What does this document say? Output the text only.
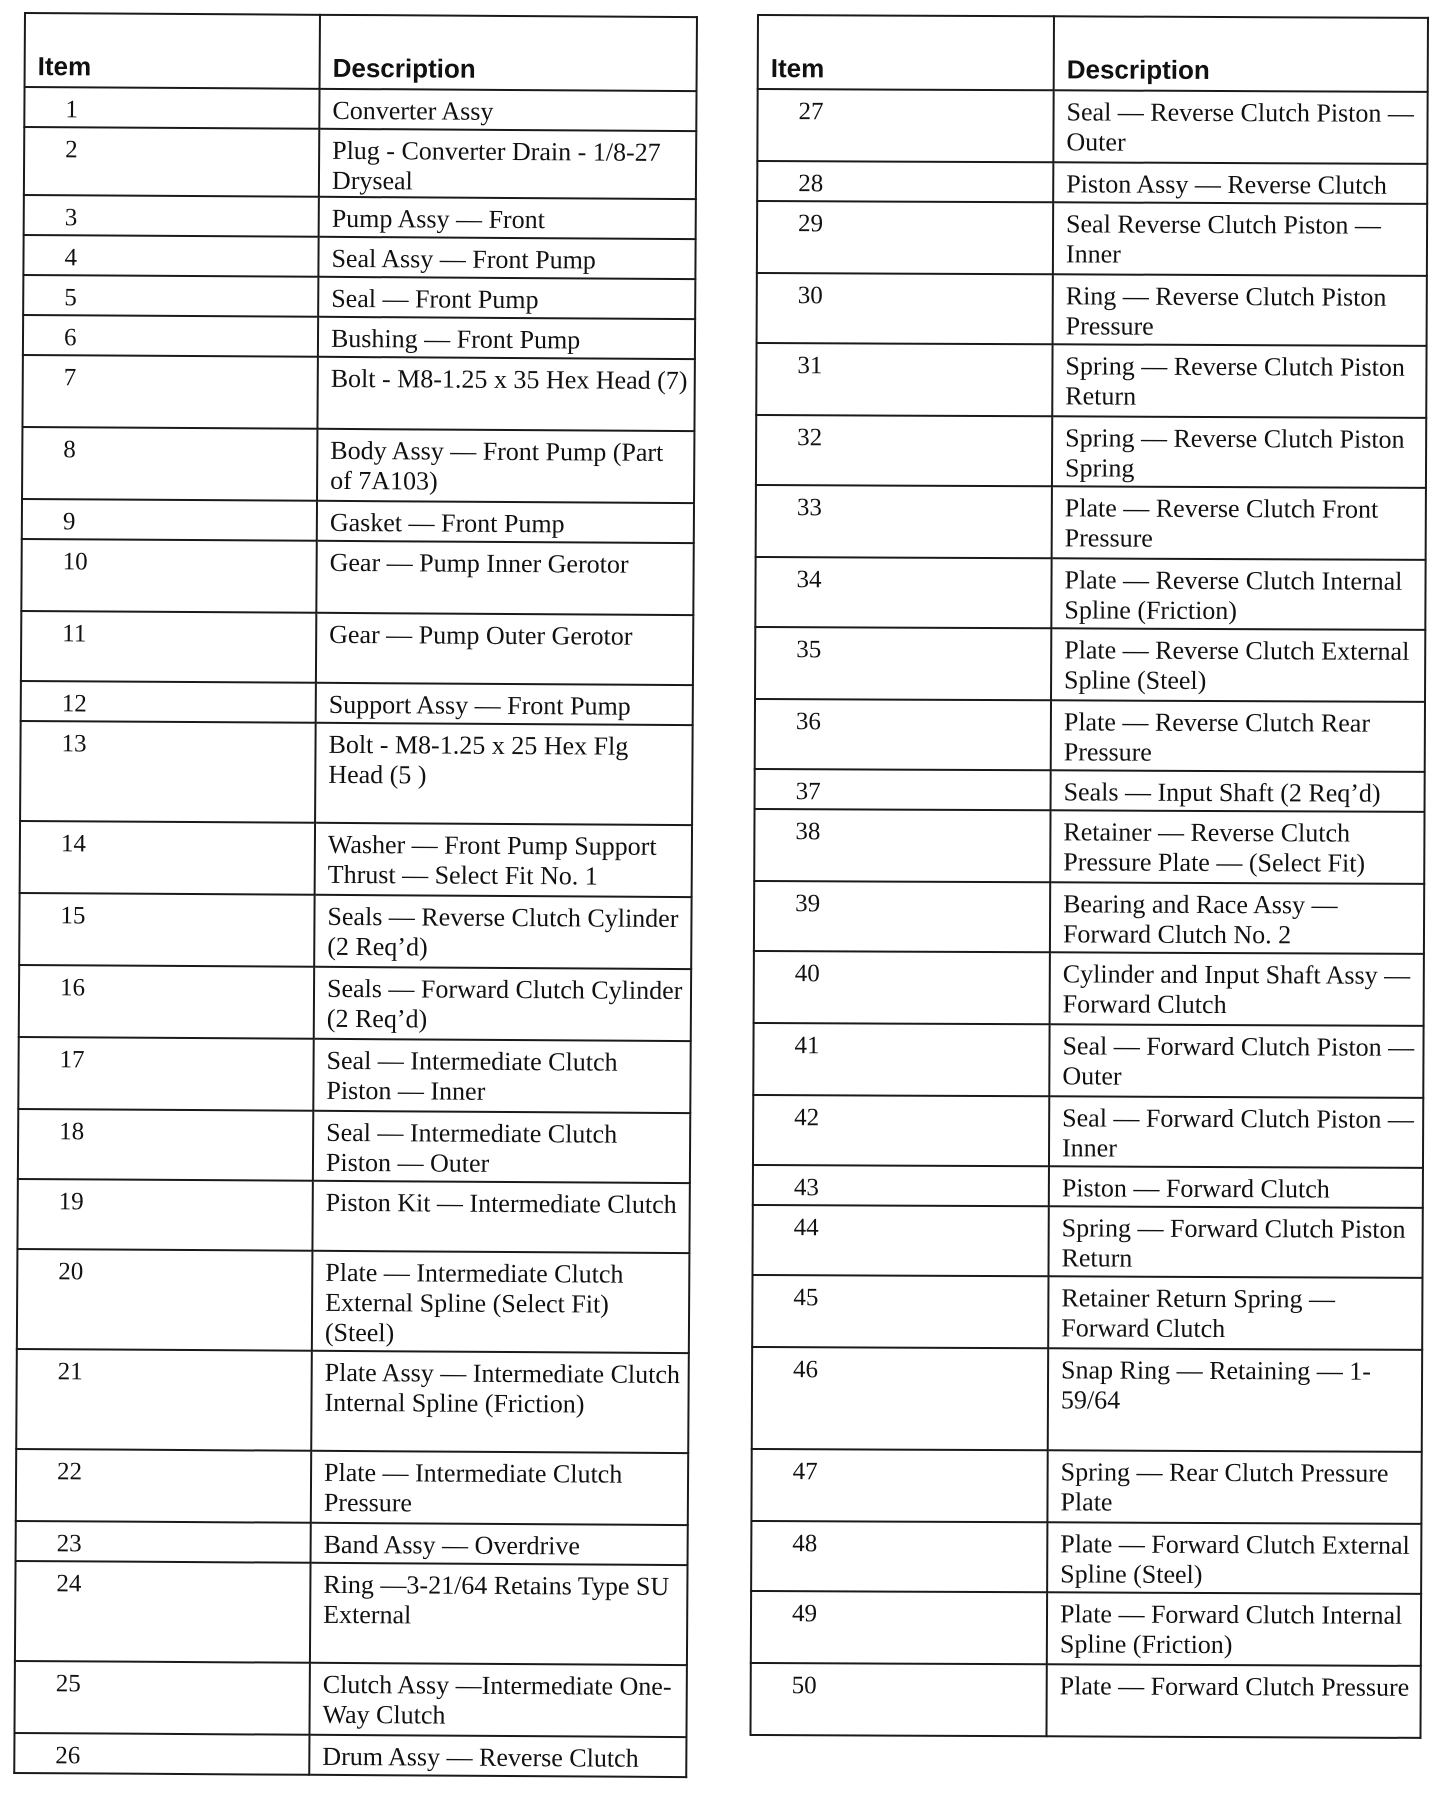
Item	Description

1	Converter Assy

2	Plug - Converter Drain - 1/8-27 Dryseal

3	Pump Assy — Front

4	Seal Assy — Front Pump

5	Seal — Front Pump

6	Bushing — Front Pump

7	Bolt - M8-1.25 x 35 Hex Head (7)

8	Body Assy — Front Pump (Part of 7A103)

9	Gasket — Front Pump

10	Gear — Pump Inner Gerotor

11	Gear — Pump Outer Gerotor

12	Support Assy — Front Pump

13	Bolt - M8-1.25 x 25 Hex Flg Head (5 )

14	Washer — Front Pump Support Thrust — Select Fit No. 1

15	Seals — Reverse Clutch Cylinder (2 Req’d)

16	Seals — Forward Clutch Cylinder (2 Req’d)

17	Seal — Intermediate Clutch Piston — Inner

18	Seal — Intermediate Clutch Piston — Outer

19	Piston Kit — Intermediate Clutch

20	Plate — Intermediate Clutch External Spline (Select Fit) (Steel)

21	Plate Assy — Intermediate Clutch Internal Spline (Friction)

22	Plate — Intermediate Clutch Pressure

23	Band Assy — Overdrive

24	Ring —3-21/64 Retains Type SU External

25	Clutch Assy —Intermediate One-Way Clutch

26	Drum Assy — Reverse Clutch
Item	Description

27	Seal — Reverse Clutch Piston — Outer

28	Piston Assy — Reverse Clutch

29	Seal Reverse Clutch Piston — Inner

30	Ring — Reverse Clutch Piston Pressure

31	Spring — Reverse Clutch Piston Return

32	Spring — Reverse Clutch Piston Spring

33	Plate — Reverse Clutch Front Pressure

34	Plate — Reverse Clutch Internal Spline (Friction)

35	Plate — Reverse Clutch External Spline (Steel)

36	Plate — Reverse Clutch Rear Pressure

37	Seals — Input Shaft (2 Req’d)

38	Retainer — Reverse Clutch Pressure Plate — (Select Fit)

39	Bearing and Race Assy — Forward Clutch No. 2

40	Cylinder and Input Shaft Assy — Forward Clutch

41	Seal — Forward Clutch Piston — Outer

42	Seal — Forward Clutch Piston — Inner

43	Piston — Forward Clutch

44	Spring — Forward Clutch Piston Return

45	Retainer Return Spring — Forward Clutch

46	Snap Ring — Retaining — 1-59/64

47	Spring — Rear Clutch Pressure Plate

48	Plate — Forward Clutch External Spline (Steel)

49	Plate — Forward Clutch Internal Spline (Friction)

50	Plate — Forward Clutch Pressure
